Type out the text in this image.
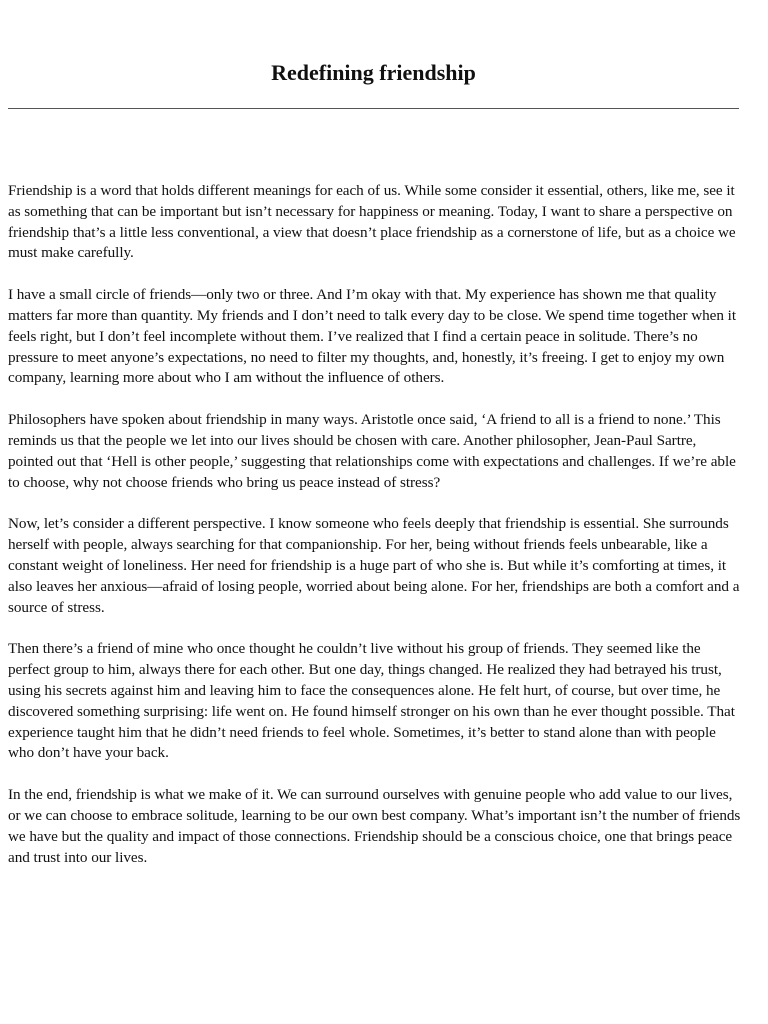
Redefining friendship

Friendship is a word that holds different meanings for each of us. While some consider it essential, others, like me, see it as something that can be important but isn’t necessary for happiness or meaning. Today, I want to share a perspective on friendship that’s a little less conventional, a view that doesn’t place friendship as a cornerstone of life, but as a choice we must make carefully.

I have a small circle of friends—only two or three. And I’m okay with that. My experience has shown me that quality matters far more than quantity. My friends and I don’t need to talk every day to be close. We spend time together when it feels right, but I don’t feel incomplete without them. I’ve realized that I find a certain peace in solitude. There’s no pressure to meet anyone’s expectations, no need to filter my thoughts, and, honestly, it’s freeing. I get to enjoy my own company, learning more about who I am without the influence of others.

Philosophers have spoken about friendship in many ways. Aristotle once said, ‘A friend to all is a friend to none.’ This reminds us that the people we let into our lives should be chosen with care. Another philosopher, Jean-Paul Sartre, pointed out that ‘Hell is other people,’ suggesting that relationships come with expectations and challenges. If we’re able to choose, why not choose friends who bring us peace instead of stress?

Now, let’s consider a different perspective. I know someone who feels deeply that friendship is essential. She surrounds herself with people, always searching for that companionship. For her, being without friends feels unbearable, like a constant weight of loneliness. Her need for friendship is a huge part of who she is. But while it’s comforting at times, it also leaves her anxious—afraid of losing people, worried about being alone. For her, friendships are both a comfort and a source of stress.

Then there’s a friend of mine who once thought he couldn’t live without his group of friends. They seemed like the perfect group to him, always there for each other. But one day, things changed. He realized they had betrayed his trust, using his secrets against him and leaving him to face the consequences alone. He felt hurt, of course, but over time, he discovered something surprising: life went on. He found himself stronger on his own than he ever thought possible. That experience taught him that he didn’t need friends to feel whole. Sometimes, it’s better to stand alone than with people who don’t have your back.

In the end, friendship is what we make of it. We can surround ourselves with genuine people who add value to our lives, or we can choose to embrace solitude, learning to be our own best company. What’s important isn’t the number of friends we have but the quality and impact of those connections. Friendship should be a conscious choice, one that brings peace and trust into our lives.
